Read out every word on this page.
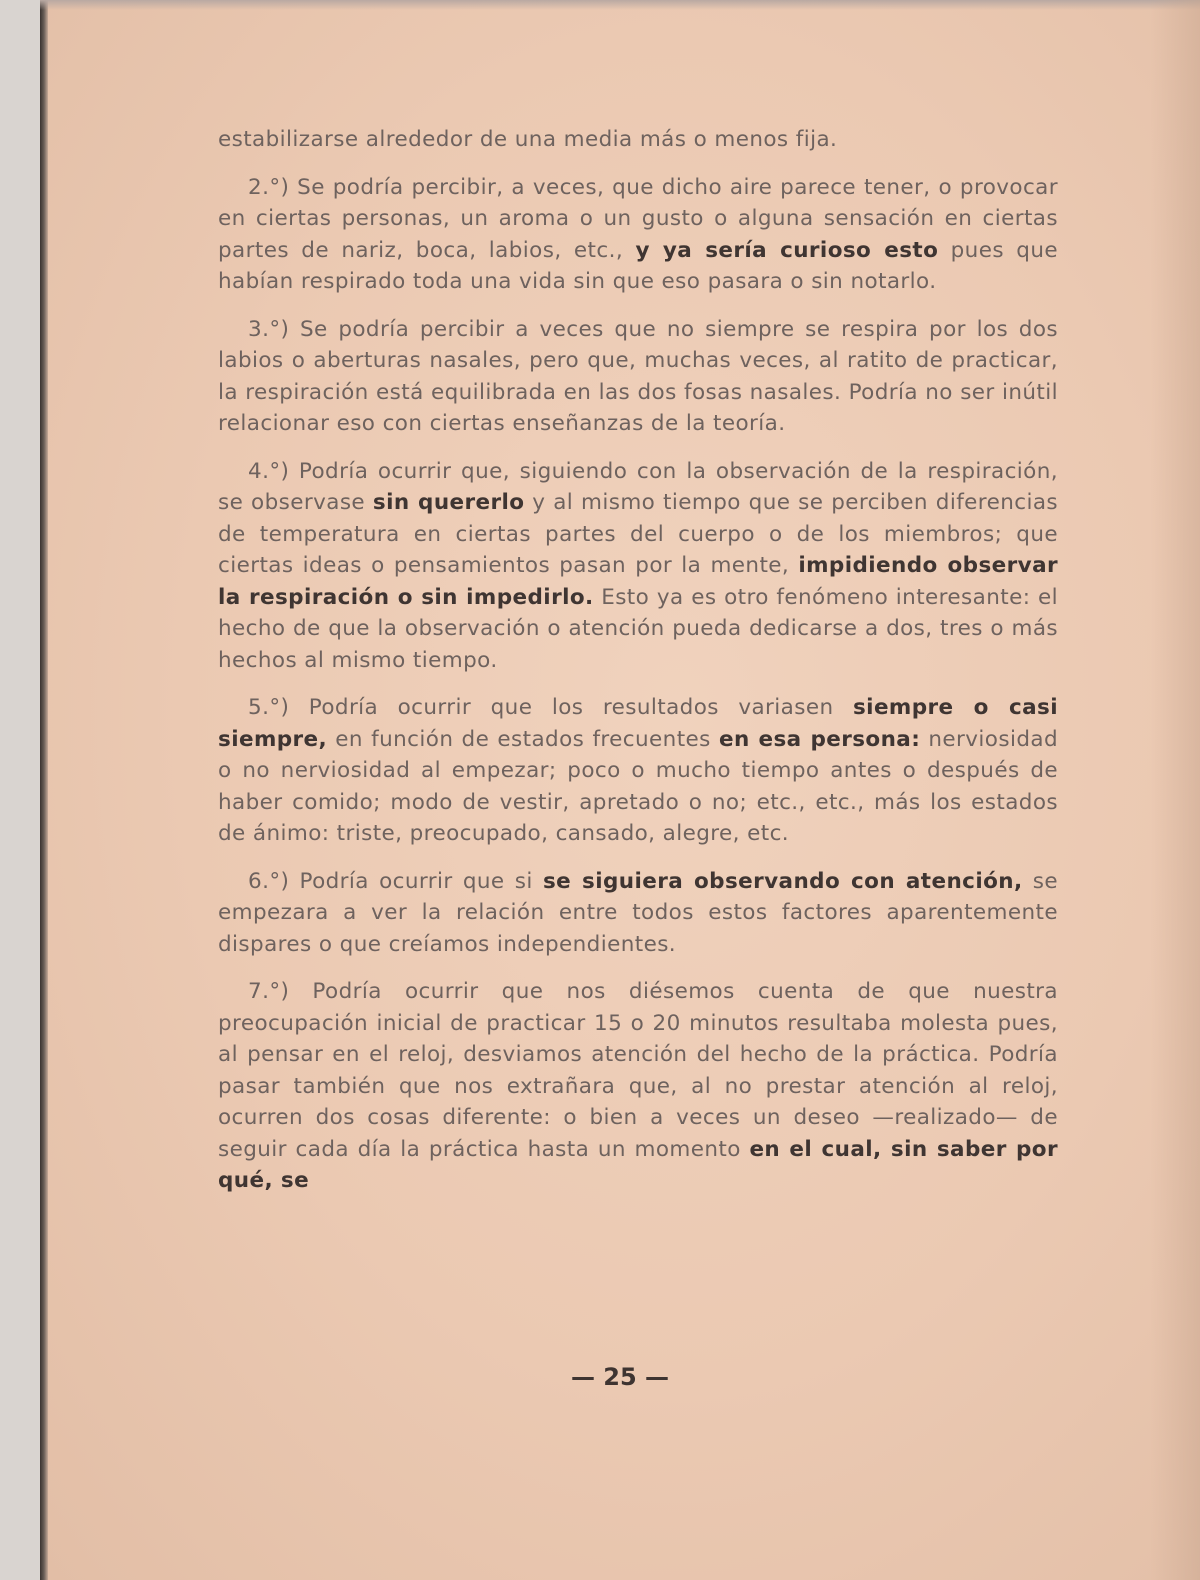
estabilizarse alrededor de una media más o menos fija.

2.°) Se podría percibir, a veces, que dicho aire parece tener, o provocar en ciertas personas, un aroma o un gusto o alguna sensación en ciertas partes de nariz, boca, labios, etc., y ya sería curioso esto pues que habían respirado toda una vida sin que eso pasara o sin notarlo.

3.°) Se podría percibir a veces que no siempre se respira por los dos labios o aberturas nasales, pero que, muchas veces, al ratito de practicar, la respiración está equilibrada en las dos fosas nasales. Podría no ser inútil relacionar eso con ciertas enseñanzas de la teoría.

4.°) Podría ocurrir que, siguiendo con la observación de la respiración, se observase sin quererlo y al mismo tiempo que se perciben diferencias de temperatura en ciertas partes del cuerpo o de los miembros; que ciertas ideas o pensamientos pasan por la mente, impidiendo observar la respiración o sin impedirlo. Esto ya es otro fenómeno interesante: el hecho de que la observación o atención pueda dedicarse a dos, tres o más hechos al mismo tiempo.

5.°) Podría ocurrir que los resultados variasen siempre o casi siempre, en función de estados frecuentes en esa persona: nerviosidad o no nerviosidad al empezar; poco o mucho tiempo antes o después de haber comido; modo de vestir, apretado o no; etc., etc., más los estados de ánimo: triste, preocupado, cansado, alegre, etc.

6.°) Podría ocurrir que si se siguiera observando con atención, se empezara a ver la relación entre todos estos factores aparentemente dispares o que creíamos independientes.

7.°) Podría ocurrir que nos diésemos cuenta de que nuestra preocupación inicial de practicar 15 o 20 minutos resultaba molesta pues, al pensar en el reloj, desviamos atención del hecho de la práctica. Podría pasar también que nos extrañara que, al no prestar atención al reloj, ocurren dos cosas diferente: o bien a veces un deseo —realizado— de seguir cada día la práctica hasta un momento en el cual, sin saber por qué, se

— 25 —
